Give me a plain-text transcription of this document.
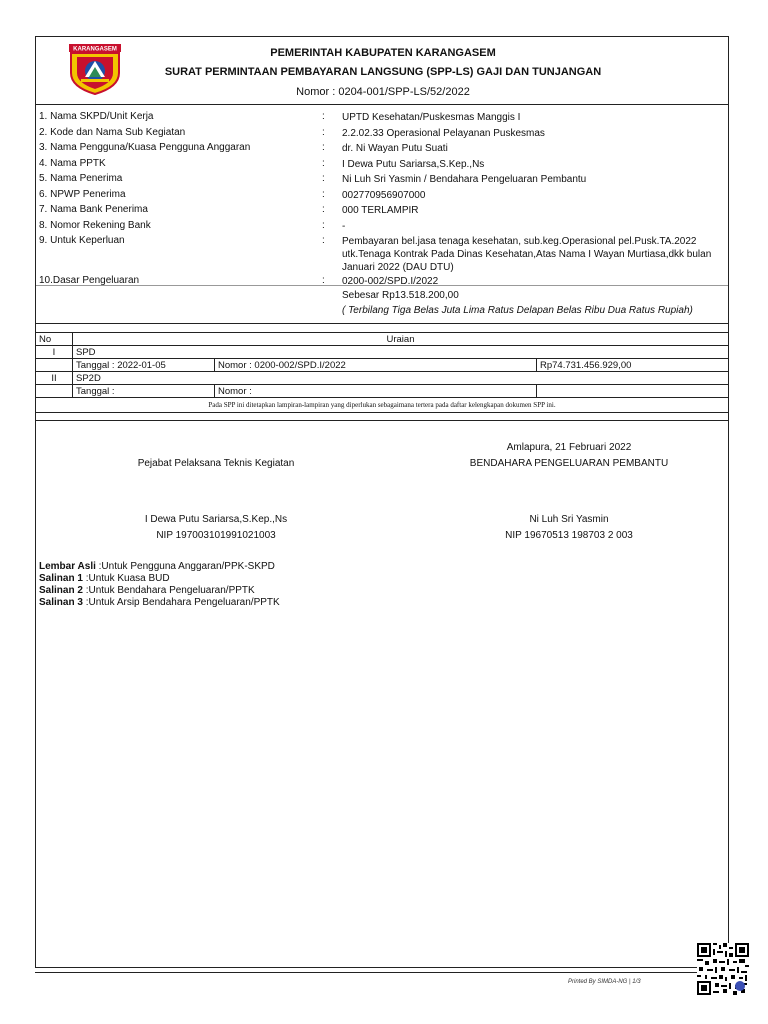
KARANGASEM	PEMERINTAH KABUPATEN KARANGASEM
SURAT PERMINTAAN PEMBAYARAN LANGSUNG (SPP-LS) GAJI DAN TUNJANGAN
Nomor : 0204-001/SPP-LS/52/2022
1. Nama SKPD/Unit Kerja	: UPTD Kesehatan/Puskesmas Manggis I
2. Kode dan Nama Sub Kegiatan	: 2.2.02.33 Operasional Pelayanan Puskesmas
3. Nama Pengguna/Kuasa Pengguna Anggaran	: dr. Ni Wayan Putu Suati
4. Nama PPTK	: I Dewa Putu Sariarsa,S.Kep.,Ns
5. Nama Penerima	: Ni Luh Sri Yasmin / Bendahara Pengeluaran Pembantu
6. NPWP Penerima	: 002770956907000
7. Nama Bank Penerima	: 000 TERLAMPIR
8. Nomor Rekening Bank	: -
9. Untuk Keperluan	: Pembayaran bel.jasa tenaga kesehatan, sub.keg.Operasional pel.Pusk.TA.2022 utk.Tenaga Kontrak Pada Dinas Kesehatan,Atas Nama I Wayan Murtiasa,dkk bulan Januari 2022 (DAU DTU)
10.Dasar Pengeluaran	: 0200-002/SPD.I/2022
Sebesar Rp13.518.200,00
( Terbilang Tiga Belas Juta Lima Ratus Delapan Belas Ribu Dua Ratus Rupiah)
No	Uraian		
I	SPD		
	Tanggal : 2022-01-05	Nomor : 0200-002/SPD.I/2022	Rp74.731.456.929,00
II	SP2D		
	Tanggal :	Nomor :	
Pada SPP ini ditetapkan lampiran-lampiran yang diperlukan sebagaimana tertera pada daftar kelengkapan dokumen SPP ini.			
Amlapura, 21 Februari 2022
Pejabat Pelaksana Teknis Kegiatan	BENDAHARA PENGELUARAN PEMBANTU
I Dewa Putu Sariarsa,S.Kep.,Ns
NIP 197003101991021003
Ni Luh Sri Yasmin
NIP 19670513 198703 2 003
Lembar Asli :Untuk Pengguna Anggaran/PPK-SKPD
Salinan 1 :Untuk Kuasa BUD
Salinan 2 :Untuk Bendahara Pengeluaran/PPTK
Salinan 3 :Untuk Arsip Bendahara Pengeluaran/PPTK
Printed By SIMDA-NG | 1/3
